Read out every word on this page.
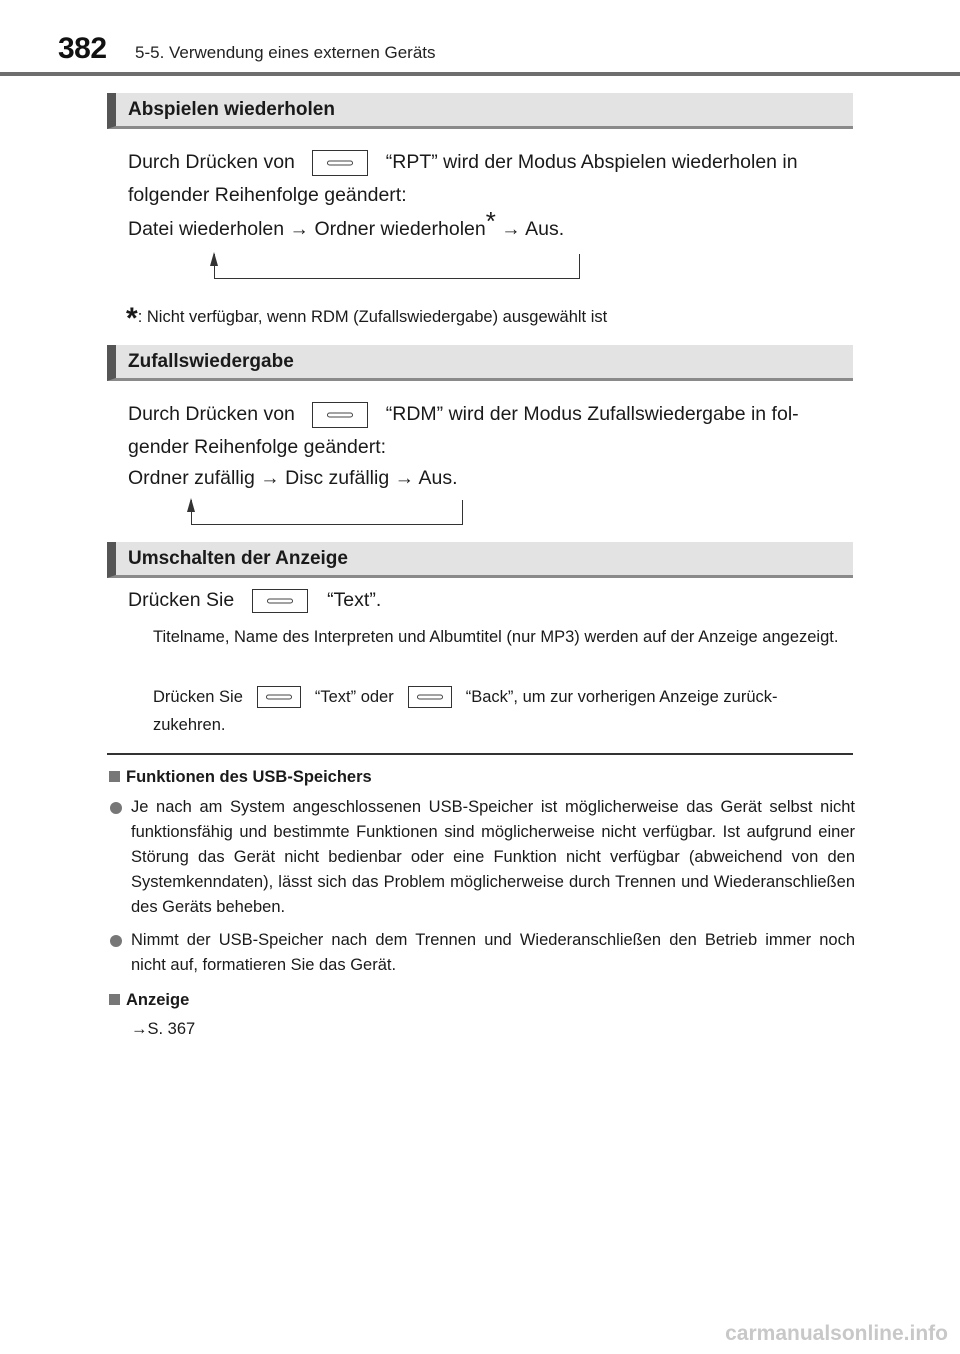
382 5-5. Verwendung eines externen Geräts
Abspielen wiederholen
Durch Drücken von	“RPT” wird der Modus Abspielen wiederholen in
folgender Reihenfolge geändert:
Datei wiederholen → Ordner wiederholen* → Aus.
*: Nicht verfügbar, wenn RDM (Zufallswiedergabe) ausgewählt ist
Zufallswiedergabe
Durch Drücken von	“RDM” wird der Modus Zufallswiedergabe in fol-
gender Reihenfolge geändert:
Ordner zufällig → Disc zufällig → Aus.
Umschalten der Anzeige
Drücken Sie	“Text”.
Titelname, Name des Interpreten und Albumtitel (nur MP3) werden auf der Anzeige angezeigt.
Drücken Sie	“Text” oder	“Back”, um zur vorherigen Anzeige zurück-
zukehren.
Funktionen des USB-Speichers
Je nach am System angeschlossenen USB-Speicher ist möglicherweise das Gerät selbst nicht funktionsfähig und bestimmte Funktionen sind möglicherweise nicht verfügbar. Ist aufgrund einer Störung das Gerät nicht bedienbar oder eine Funktion nicht verfügbar (abweichend von den Systemkenndaten), lässt sich das Problem möglicherweise durch Trennen und Wiederanschließen des Geräts beheben.
Nimmt der USB-Speicher nach dem Trennen und Wiederanschließen den Betrieb immer noch nicht auf, formatieren Sie das Gerät.
Anzeige
→S. 367
carmanualsonline.info
